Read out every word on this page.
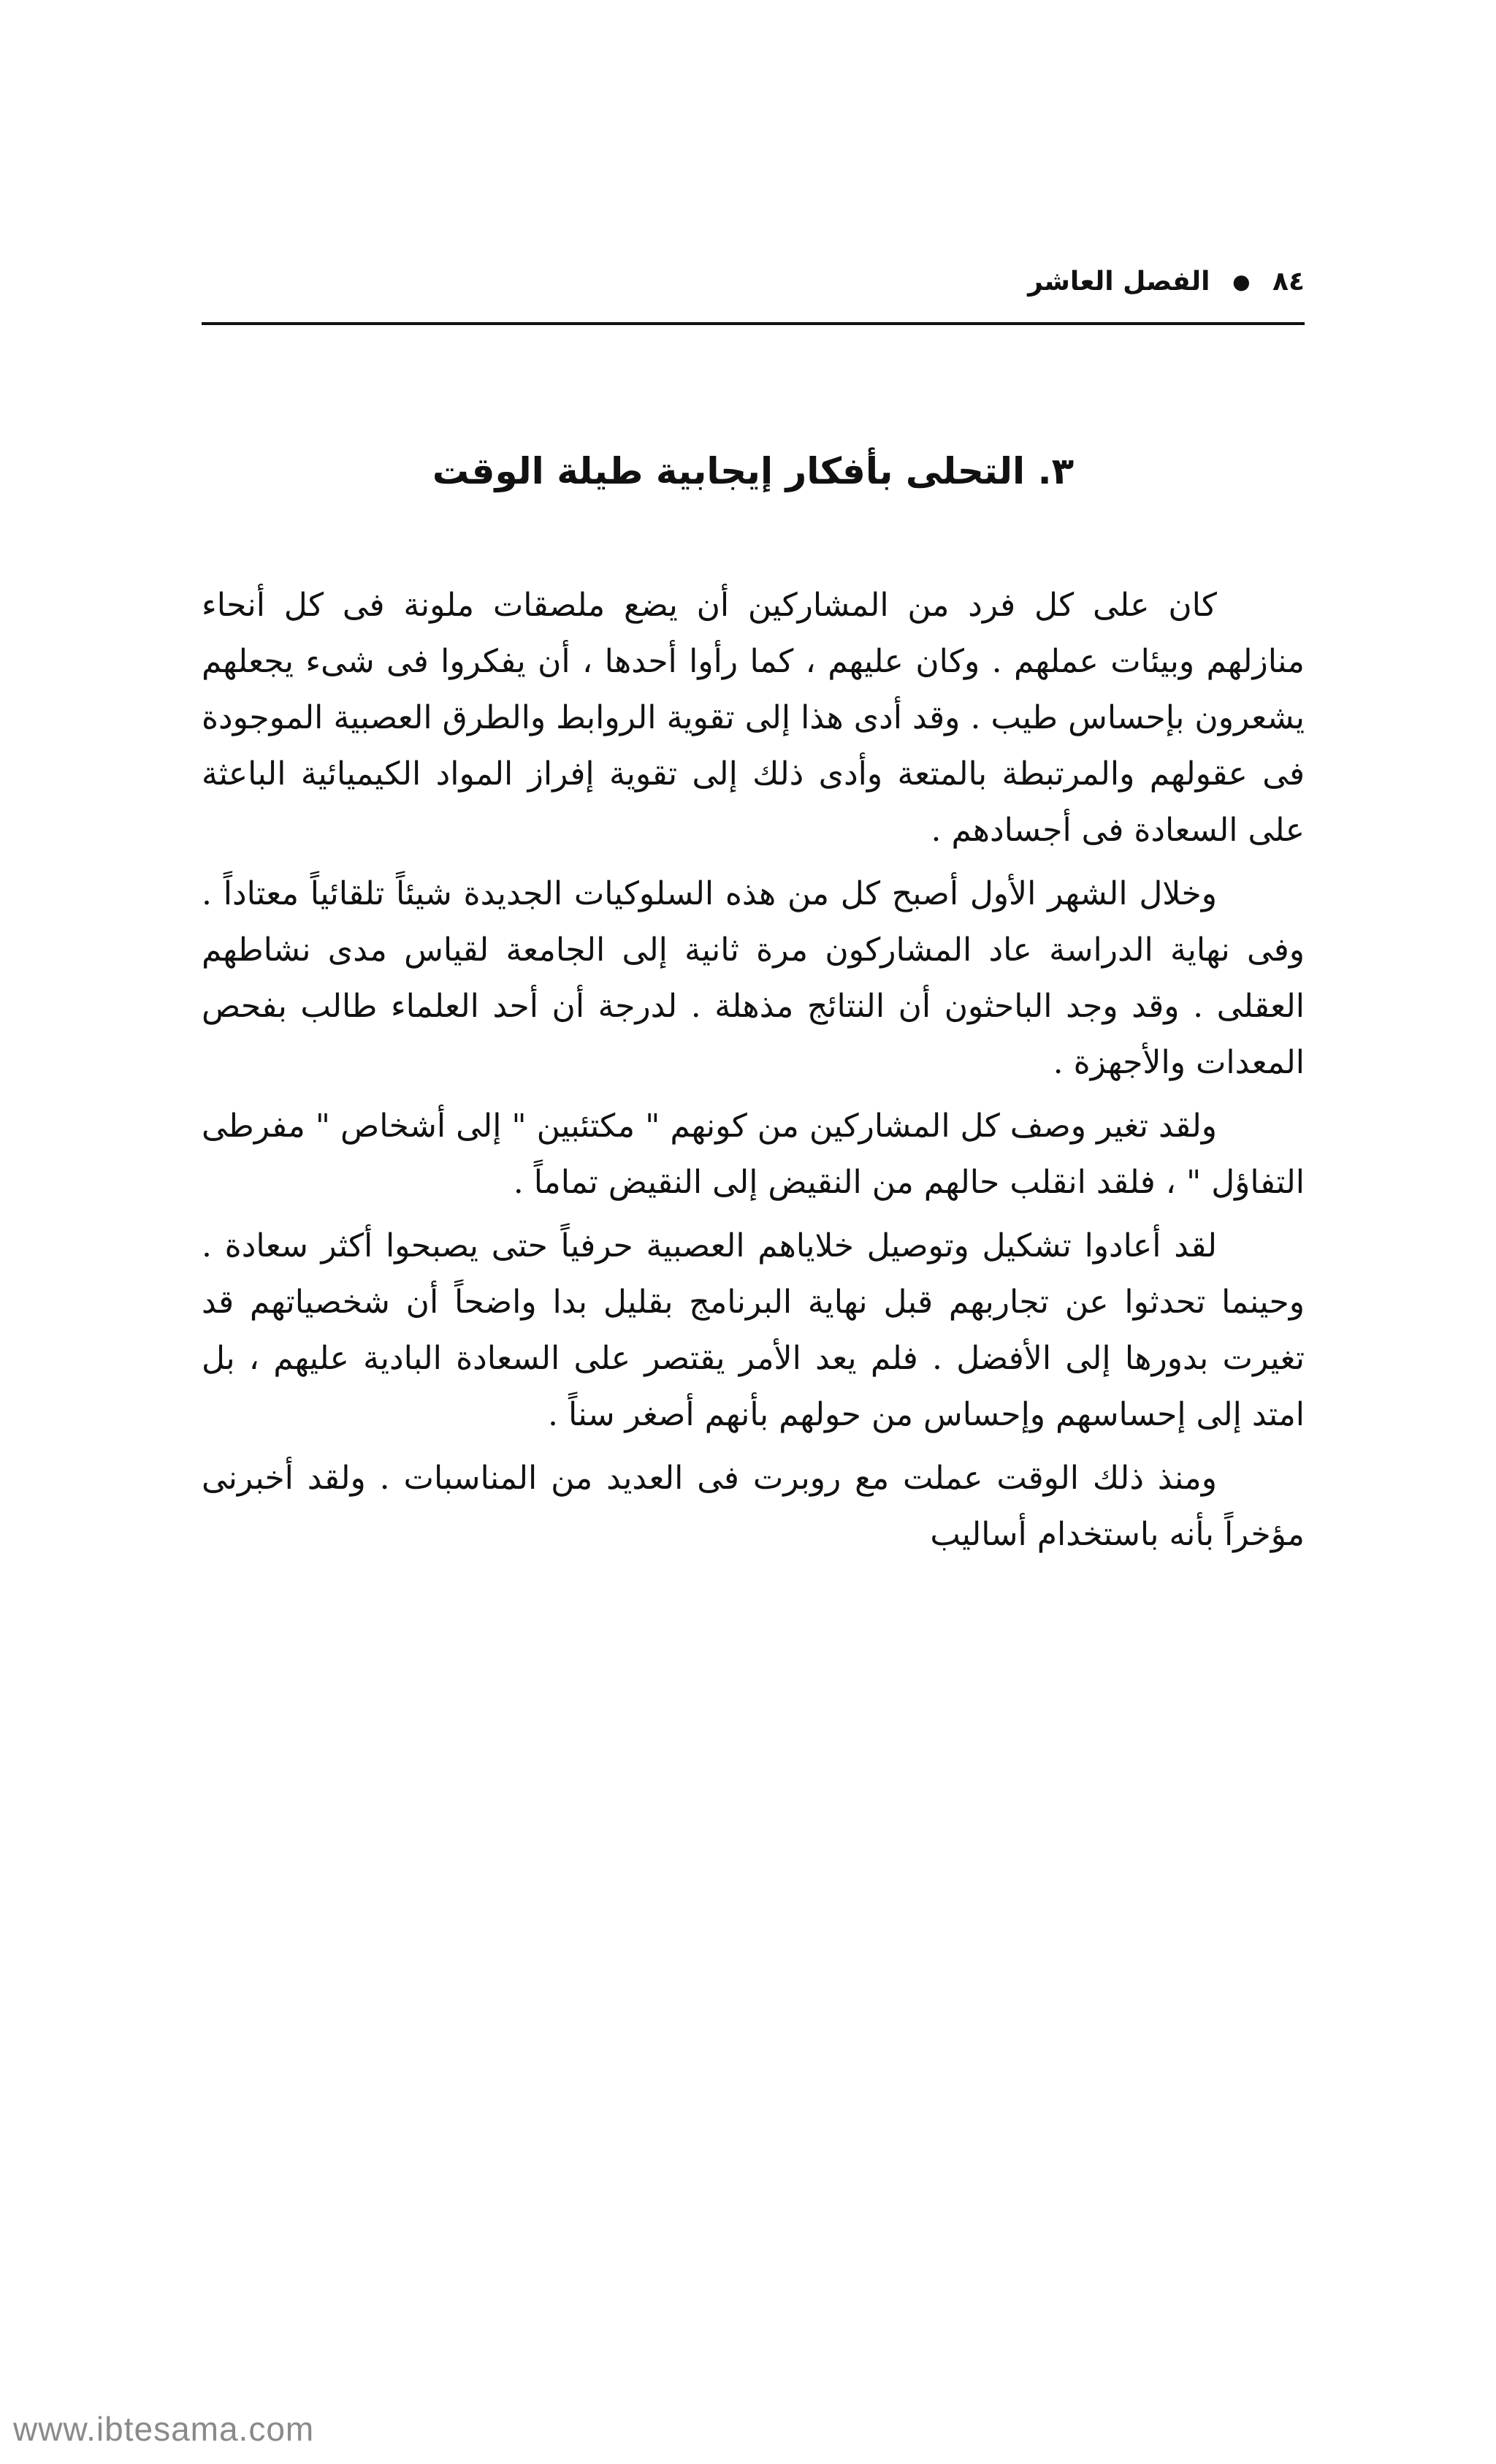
٨٤ ● الفصل العاشر
٣. التحلى بأفكار إيجابية طيلة الوقت

كان على كل فرد من المشاركين أن يضع ملصقات ملونة فى كل أنحاء منازلهم وبيئات عملهم . وكان عليهم ، كما رأوا أحدها ، أن يفكروا فى شىء يجعلهم يشعرون بإحساس طيب . وقد أدى هذا إلى تقوية الروابط والطرق العصبية الموجودة فى عقولهم والمرتبطة بالمتعة وأدى ذلك إلى تقوية إفراز المواد الكيميائية الباعثة على السعادة فى أجسادهم .

وخلال الشهر الأول أصبح كل من هذه السلوكيات الجديدة شيئاً تلقائياً معتاداً . وفى نهاية الدراسة عاد المشاركون مرة ثانية إلى الجامعة لقياس مدى نشاطهم العقلى . وقد وجد الباحثون أن النتائج مذهلة . لدرجة أن أحد العلماء طالب بفحص المعدات والأجهزة .

ولقد تغير وصف كل المشاركين من كونهم " مكتئبين " إلى أشخاص " مفرطى التفاؤل " ، فلقد انقلب حالهم من النقيض إلى النقيض تماماً .

لقد أعادوا تشكيل وتوصيل خلاياهم العصبية حرفياً حتى يصبحوا أكثر سعادة . وحينما تحدثوا عن تجاربهم قبل نهاية البرنامج بقليل بدا واضحاً أن شخصياتهم قد تغيرت بدورها إلى الأفضل . فلم يعد الأمر يقتصر على السعادة البادية عليهم ، بل امتد إلى إحساسهم وإحساس من حولهم بأنهم أصغر سناً .

ومنذ ذلك الوقت عملت مع روبرت فى العديد من المناسبات . ولقد أخبرنى مؤخراً بأنه باستخدام أساليب

www.ibtesama.com
